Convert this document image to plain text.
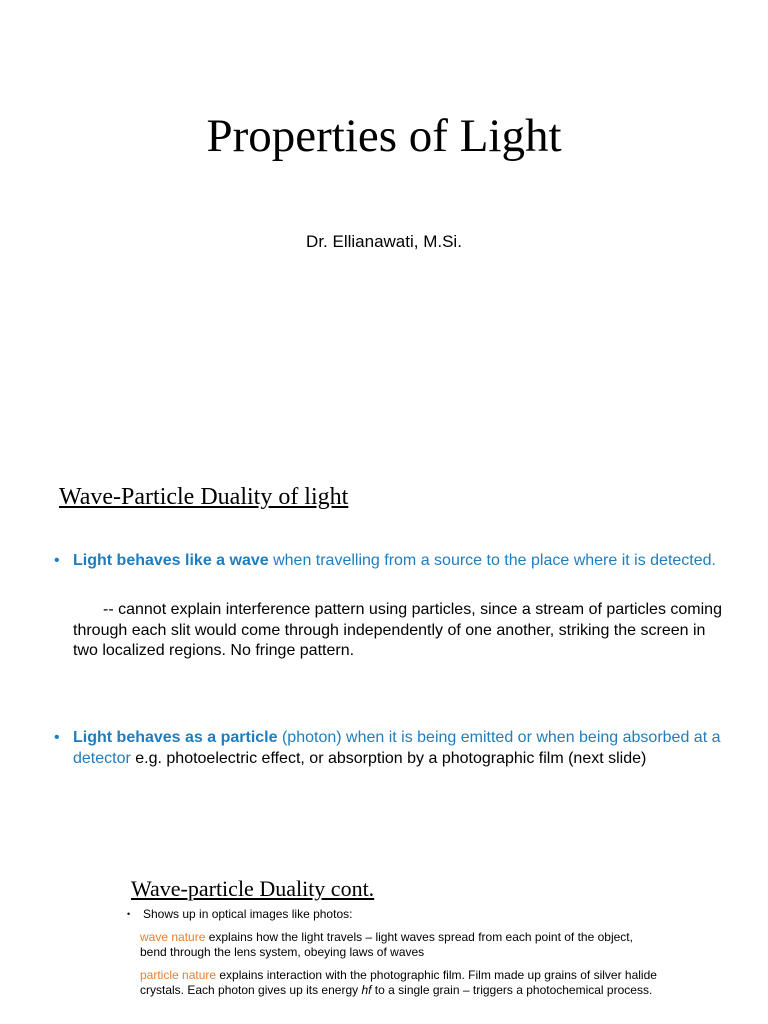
Properties of Light

Dr. Ellianawati, M.Si.

Wave-Particle Duality of light

• Light behaves like a wave when travelling from a source to the place where it is detected.

-- cannot explain interference pattern using particles, since a stream of particles coming through each slit would come through independently of one another, striking the screen in two localized regions. No fringe pattern.

• Light behaves as a particle (photon) when it is being emitted or when being absorbed at a detector e.g. photoelectric effect, or absorption by a photographic film (next slide)

Wave-particle Duality cont.

• Shows up in optical images like photos:

wave nature explains how the light travels – light waves spread from each point of the object, bend through the lens system, obeying laws of waves

particle nature explains interaction with the photographic film. Film made up grains of silver halide crystals. Each photon gives up its energy hf to a single grain – triggers a photochemical process.
